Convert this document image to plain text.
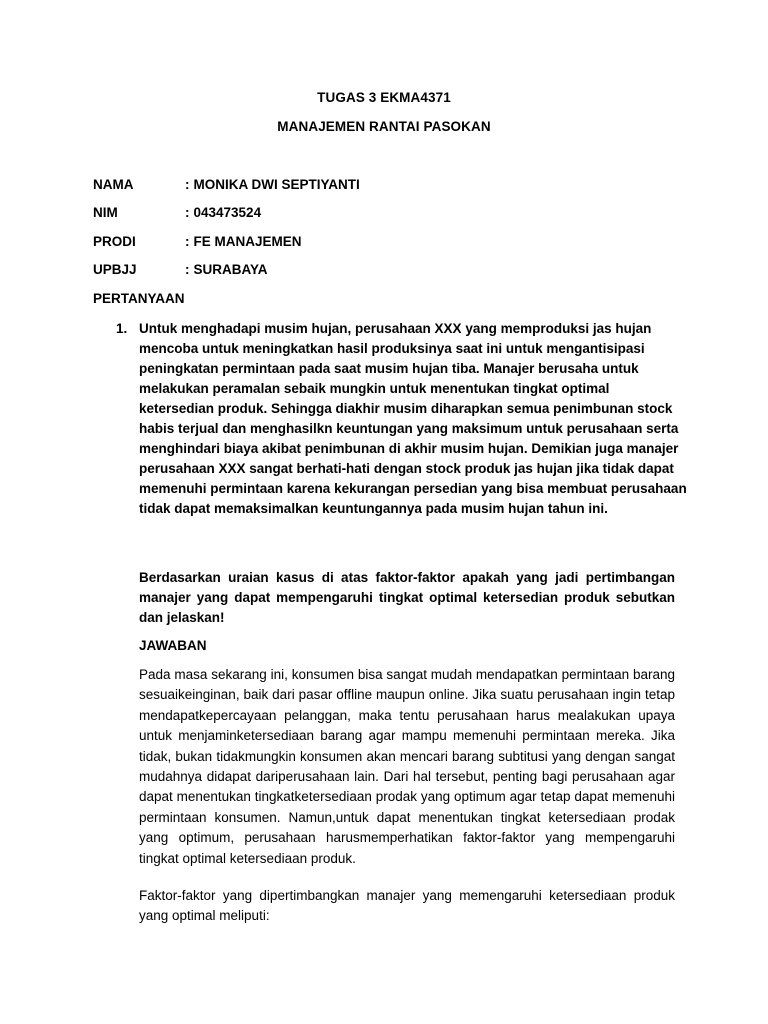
TUGAS 3 EKMA4371
MANAJEMEN RANTAI PASOKAN
NAMA	: MONIKA DWI SEPTIYANTI
NIM	: 043473524
PRODI	: FE MANAJEMEN
UPBJJ	: SURABAYA
PERTANYAAN
1. Untuk menghadapi musim hujan, perusahaan XXX yang memproduksi jas hujan mencoba untuk meningkatkan hasil produksinya saat ini untuk mengantisipasi peningkatan permintaan pada saat musim hujan tiba. Manajer berusaha untuk melakukan peramalan sebaik mungkin untuk menentukan tingkat optimal ketersedian produk. Sehingga diakhir musim diharapkan semua penimbunan stock habis terjual dan menghasilkn keuntungan yang maksimum untuk perusahaan serta menghindari biaya akibat penimbunan di akhir musim hujan. Demikian juga manajer perusahaan XXX sangat berhati-hati dengan stock produk jas hujan jika tidak dapat memenuhi permintaan karena kekurangan persedian yang bisa membuat perusahaan tidak dapat memaksimalkan keuntungannya pada musim hujan tahun ini.
Berdasarkan uraian kasus di atas faktor-faktor apakah yang jadi pertimbangan manajer yang dapat mempengaruhi tingkat optimal ketersedian produk sebutkan dan jelaskan!
JAWABAN
Pada masa sekarang ini, konsumen bisa sangat mudah mendapatkan permintaan barang sesuaikeinginan, baik dari pasar offline maupun online. Jika suatu perusahaan ingin tetap mendapatkepercayaan pelanggan, maka tentu perusahaan harus mealakukan upaya untuk menjaminketersediaan barang agar mampu memenuhi permintaan mereka. Jika tidak, bukan tidakmungkin konsumen akan mencari barang subtitusi yang dengan sangat mudahnya didapat dariperusahaan lain. Dari hal tersebut, penting bagi perusahaan agar dapat menentukan tingkatketersediaan prodak yang optimum agar tetap dapat memenuhi permintaan konsumen. Namun,untuk dapat menentukan tingkat ketersediaan prodak yang optimum, perusahaan harusmemperhatikan faktor-faktor yang mempengaruhi tingkat optimal ketersediaan produk.
Faktor-faktor yang dipertimbangkan manajer yang memengaruhi ketersediaan produk yang optimal meliputi:
